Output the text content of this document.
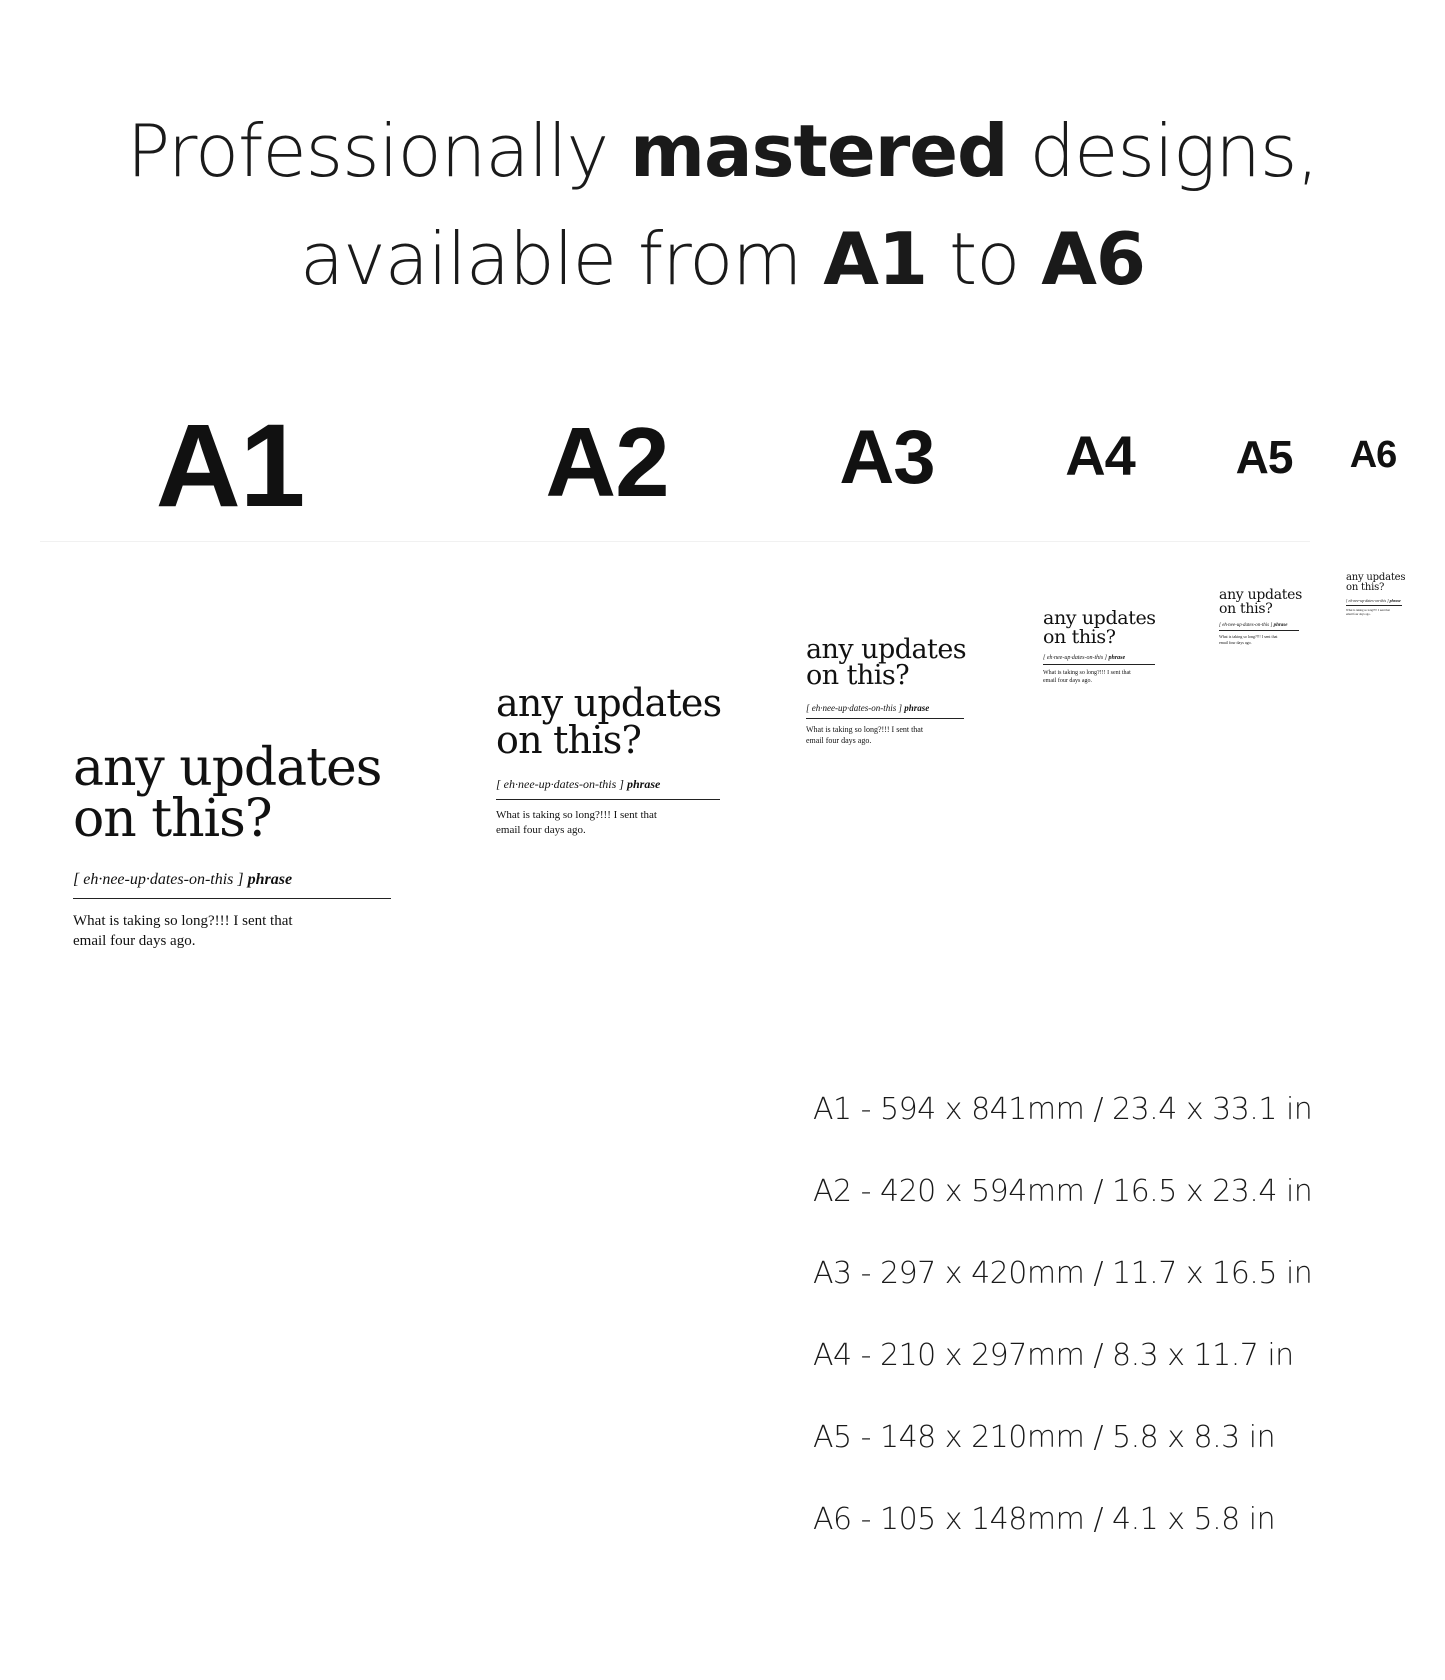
Professionally mastered designs,
available from A1 to A6
A1 A2 A3 A4 A5 A6
any updates
on this?
[ eh·nee-up·dates-on-this ] phrase
What is taking so long?!!! I sent that
email four days ago.
any updates
on this?
[ eh·nee-up·dates-on-this ] phrase
What is taking so long?!!! I sent that
email four days ago.
any updates
on this?
[ eh·nee-up·dates-on-this ] phrase
What is taking so long?!!! I sent that
email four days ago.
any updates
on this?
[ eh·nee-up·dates-on-this ] phrase
What is taking so long?!!! I sent that
email four days ago.
any updates
on this?
[ eh·nee-up·dates-on-this ] phrase
What is taking so long?!!! I sent that
email four days ago.
any updates
on this?
[ eh·nee-up·dates-on-this ] phrase
What is taking so long?!!! I sent that
email four days ago.
A1 - 594 x 841mm / 23.4 x 33.1 in
A2 - 420 x 594mm / 16.5 x 23.4 in
A3 - 297 x 420mm / 11.7 x 16.5 in
A4 - 210 x 297mm / 8.3 x 11.7 in
A5 - 148 x 210mm / 5.8 x 8.3 in
A6 - 105 x 148mm / 4.1 x 5.8 in
